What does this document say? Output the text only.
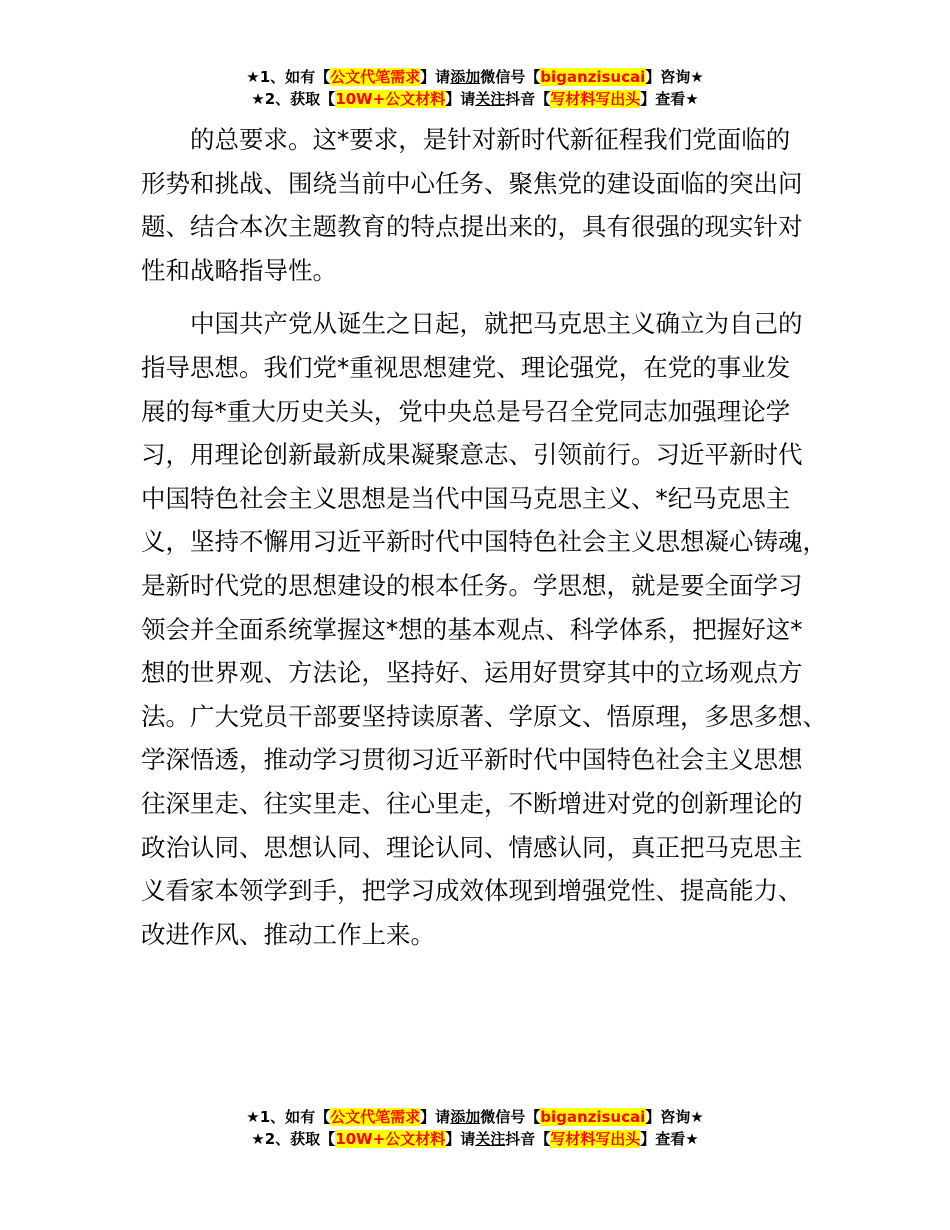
★1、如有【公文代笔需求】请添加微信号【biganzisucai】咨询★
★2、获取【10W+公文材料】请关注抖音【写材料写出头】查看★
的总要求。这*要求，是针对新时代新征程我们党面临的
形势和挑战、围绕当前中心任务、聚焦党的建设面临的突出问
题、结合本次主题教育的特点提出来的，具有很强的现实针对
性和战略指导性。
中国共产党从诞生之日起，就把马克思主义确立为自己的
指导思想。我们党*重视思想建党、理论强党，在党的事业发
展的每*重大历史关头，党中央总是号召全党同志加强理论学
习，用理论创新最新成果凝聚意志、引领前行。习近平新时代
中国特色社会主义思想是当代中国马克思主义、*纪马克思主
义，坚持不懈用习近平新时代中国特色社会主义思想凝心铸魂，
是新时代党的思想建设的根本任务。学思想，就是要全面学习
领会并全面系统掌握这*想的基本观点、科学体系，把握好这*
想的世界观、方法论，坚持好、运用好贯穿其中的立场观点方
法。广大党员干部要坚持读原著、学原文、悟原理，多思多想、
学深悟透，推动学习贯彻习近平新时代中国特色社会主义思想
往深里走、往实里走、往心里走，不断增进对党的创新理论的
政治认同、思想认同、理论认同、情感认同，真正把马克思主
义看家本领学到手，把学习成效体现到增强党性、提高能力、
改进作风、推动工作上来。
★1、如有【公文代笔需求】请添加微信号【biganzisucai】咨询★
★2、获取【10W+公文材料】请关注抖音【写材料写出头】查看★
